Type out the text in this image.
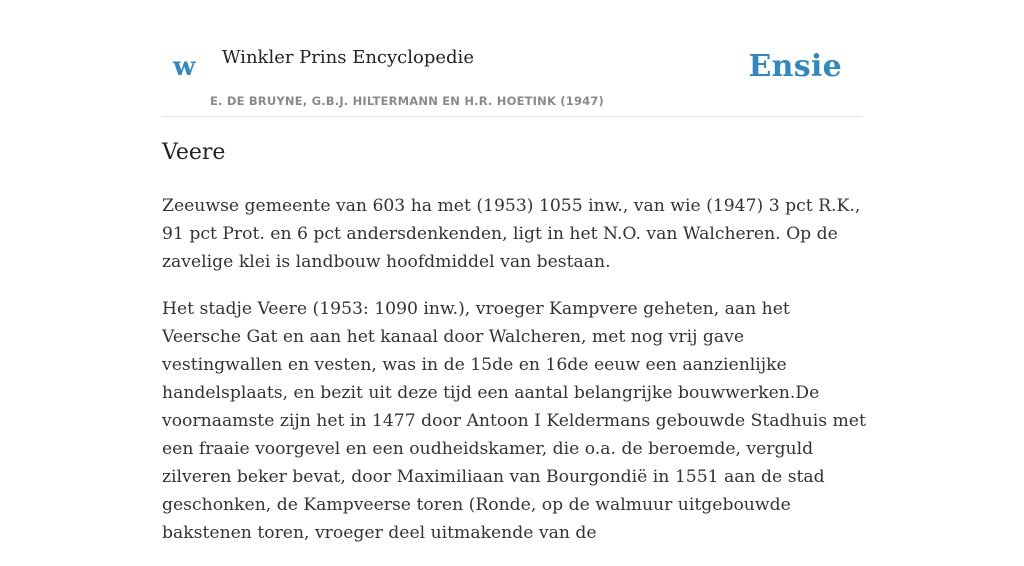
w Winkler Prins Encyclopedie
E. DE BRUYNE, G.B.J. HILTERMANN EN H.R. HOETINK (1947)
Ensie
Veere

Zeeuwse gemeente van 603 ha met (1953) 1055 inw., van wie (1947) 3 pct R.K., 91 pct Prot. en 6 pct andersdenkenden, ligt in het N.O. van Walcheren. Op de zavelige klei is landbouw hoofdmiddel van bestaan.

Het stadje Veere (1953: 1090 inw.), vroeger Kampvere geheten, aan het Veersche Gat en aan het kanaal door Walcheren, met nog vrij gave vestingwallen en vesten, was in de 15de en 16de eeuw een aanzienlijke handelsplaats, en bezit uit deze tijd een aantal belangrijke bouwwerken.De voornaamste zijn het in 1477 door Antoon I Keldermans gebouwde Stadhuis met een fraaie voorgevel en een oudheidskamer, die o.a. de beroemde, verguld zilveren beker bevat, door Maximiliaan van Bourgondië in 1551 aan de stad geschonken, de Kampveerse toren (Ronde, op de walmuur uitgebouwde bakstenen toren, vroeger deel uitmakende van de
